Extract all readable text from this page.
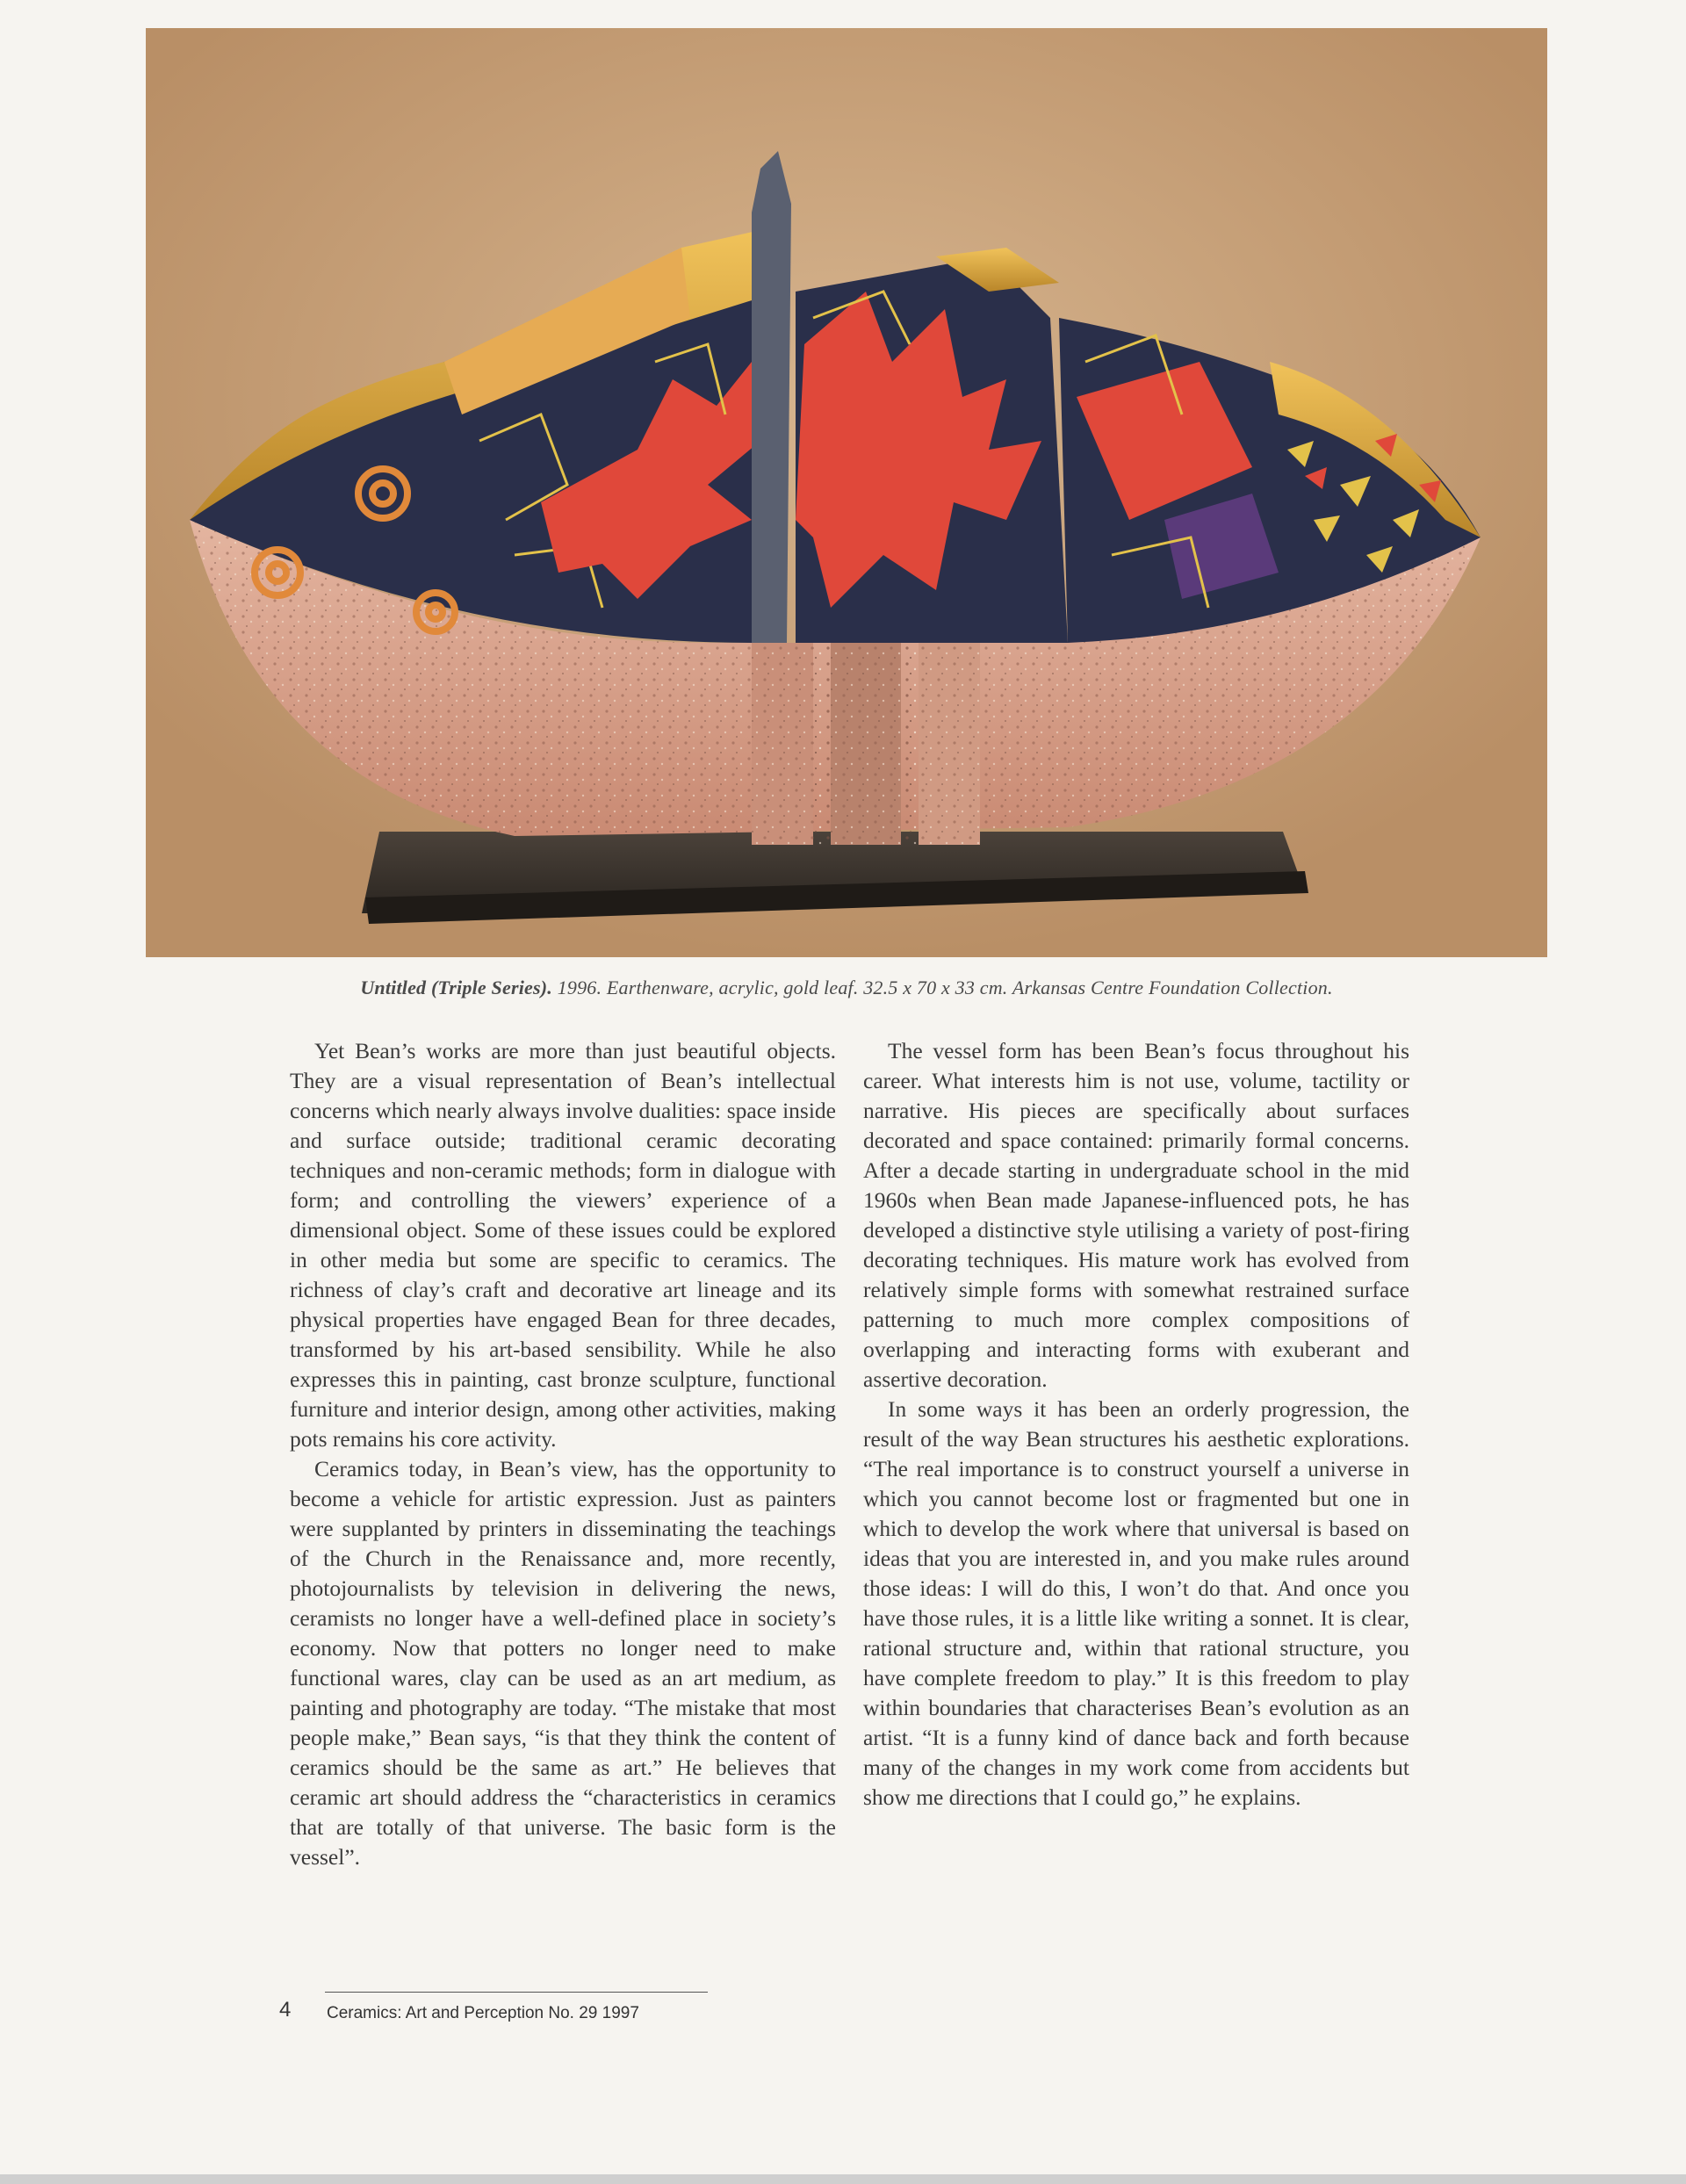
Untitled (Triple Series). 1996. Earthenware, acrylic, gold leaf. 32.5 x 70 x 33 cm. Arkansas Centre Foundation Collection.

Yet Bean’s works are more than just beautiful objects. They are a visual representation of Bean’s intellectual concerns which nearly always involve dualities: space inside and surface outside; traditional ceramic decorating techniques and non-ceramic methods; form in dialogue with form; and controlling the viewers’ experience of a dimensional object. Some of these issues could be explored in other media but some are specific to ceramics. The richness of clay’s craft and decorative art lineage and its physical properties have engaged Bean for three decades, transformed by his art-based sensibility. While he also expresses this in painting, cast bronze sculpture, functional furniture and interior design, among other activities, making pots remains his core activity.

Ceramics today, in Bean’s view, has the opportunity to become a vehicle for artistic expression. Just as painters were supplanted by printers in disseminating the teachings of the Church in the Renaissance and, more recently, photojournalists by television in delivering the news, ceramists no longer have a well-defined place in society’s economy. Now that potters no longer need to make functional wares, clay can be used as an art medium, as painting and photography are today. “The mistake that most people make,” Bean says, “is that they think the content of ceramics should be the same as art.” He believes that ceramic art should address the “characteristics in ceramics that are totally of that universe. The basic form is the vessel”.

The vessel form has been Bean’s focus throughout his career. What interests him is not use, volume, tactility or narrative. His pieces are specifically about surfaces decorated and space contained: primarily formal concerns. After a decade starting in undergraduate school in the mid 1960s when Bean made Japanese-influenced pots, he has developed a distinctive style utilising a variety of post-firing decorating techniques. His mature work has evolved from relatively simple forms with somewhat restrained surface patterning to much more complex compositions of overlapping and interacting forms with exuberant and assertive decoration.

In some ways it has been an orderly progression, the result of the way Bean structures his aesthetic explorations. “The real importance is to construct yourself a universe in which you cannot become lost or fragmented but one in which to develop the work where that universal is based on ideas that you are interested in, and you make rules around those ideas: I will do this, I won’t do that. And once you have those rules, it is a little like writing a sonnet. It is clear, rational structure and, within that rational structure, you have complete freedom to play.” It is this freedom to play within boundaries that characterises Bean’s evolution as an artist. “It is a funny kind of dance back and forth because many of the changes in my work come from accidents but show me directions that I could go,” he explains.

4 Ceramics: Art and Perception No. 29 1997
